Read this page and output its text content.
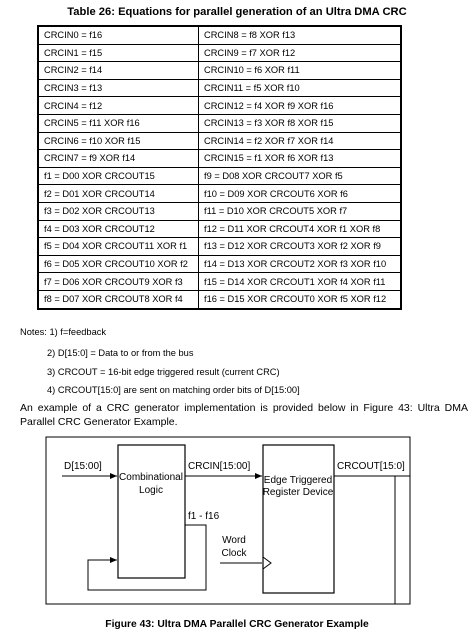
Table 26: Equations for parallel generation of an Ultra DMA CRC
CRCIN0 = f16	CRCIN8 = f8 XOR f13
CRCIN1 = f15	CRCIN9 = f7 XOR f12
CRCIN2 = f14	CRCIN10 = f6 XOR f11
CRCIN3 = f13	CRCIN11 = f5 XOR f10
CRCIN4 = f12	CRCIN12 = f4 XOR f9 XOR f16
CRCIN5 = f11 XOR f16	CRCIN13 = f3 XOR f8 XOR f15
CRCIN6 = f10 XOR f15	CRCIN14 = f2 XOR f7 XOR f14
CRCIN7 = f9 XOR f14	CRCIN15 = f1 XOR f6 XOR f13
f1 = D00 XOR CRCOUT15	f9 = D08 XOR CRCOUT7 XOR f5
f2 = D01 XOR CRCOUT14	f10 = D09 XOR CRCOUT6 XOR f6
f3 = D02 XOR CRCOUT13	f11 = D10 XOR CRCOUT5 XOR f7
f4 = D03 XOR CRCOUT12	f12 = D11 XOR CRCOUT4 XOR f1 XOR f8
f5 = D04 XOR CRCOUT11 XOR f1	f13 = D12 XOR CRCOUT3 XOR f2 XOR f9
f6 = D05 XOR CRCOUT10 XOR f2	f14 = D13 XOR CRCOUT2 XOR f3 XOR f10
f7 = D06 XOR CRCOUT9 XOR f3	f15 = D14 XOR CRCOUT1 XOR f4 XOR f11
f8 = D07 XOR CRCOUT8 XOR f4	f16 = D15 XOR CRCOUT0 XOR f5 XOR f12
Notes: 1) f=feedback
2) D[15:0] = Data to or from the bus
3) CRCOUT = 16-bit edge triggered result (current CRC)
4) CRCOUT[15:0] are sent on matching order bits of D[15:00]
An example of a CRC generator implementation is provided below in Figure 43: Ultra DMA Parallel CRC Generator Example.
Combinational
Logic
Edge Triggered
Register Device
D[15:00]	CRCIN[15:00]	CRCOUT[15:0]
f1 - f16
Word
Clock
Figure 43: Ultra DMA Parallel CRC Generator Example
